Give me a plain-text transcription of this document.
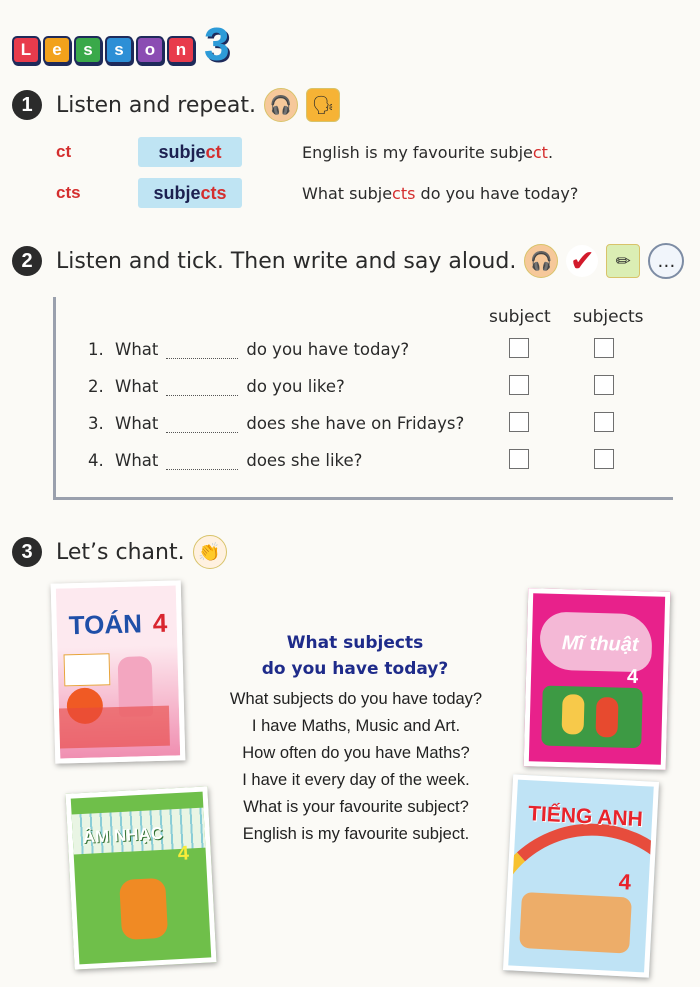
L	e	s	s	o	n 3
1	Listen and repeat. 🎧	🗣
ct	subje ct	English is my favourite subject.
cts	subje cts	What subjects do you have today?
2	Listen and tick. Then write and say aloud. 🎧 ✔	✏	…
subject subjects
1. What	do you have today?
2. What	do you like?
3. What	does she have on Fridays?
4. What	does she like?
3	Let’s chant. 👏
TOÁN 4
Mĩ thuật
4
ÂM NHẠC
4
TIẾNG ANH
4
What subjects
do you have today?
What subjects do you have today?
I have Maths, Music and Art.
How often do you have Maths?
I have it every day of the week.
What is your favourite subject?
English is my favourite subject.
